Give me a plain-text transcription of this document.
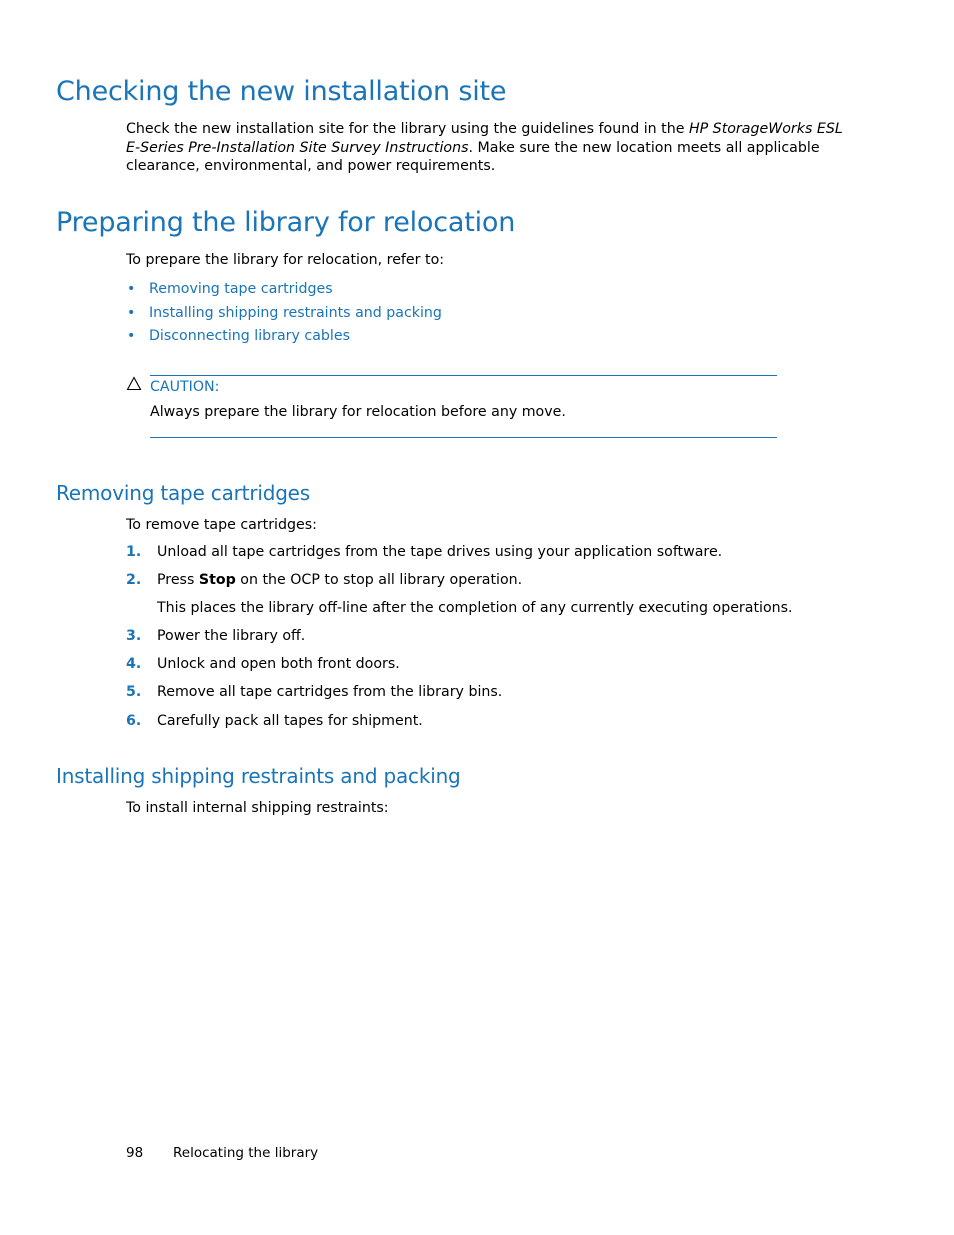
Checking the new installation site

Check the new installation site for the library using the guidelines found in the HP StorageWorks ESL
E-Series Pre-Installation Site Survey Instructions. Make sure the new location meets all applicable
clearance, environmental, and power requirements.

Preparing the library for relocation

To prepare the library for relocation, refer to:

• Removing tape cartridges
• Installing shipping restraints and packing
• Disconnecting library cables
CAUTION:
Always prepare the library for relocation before any move.
Removing tape cartridges

To remove tape cartridges:

1. Unload all tape cartridges from the tape drives using your application software.
2. Press Stop on the OCP to stop all library operation.
This places the library off-line after the completion of any currently executing operations.
3. Power the library off.
4. Unlock and open both front doors.
5. Remove all tape cartridges from the library bins.
6. Carefully pack all tapes for shipment.
Installing shipping restraints and packing

To install internal shipping restraints:

98 Relocating the library
